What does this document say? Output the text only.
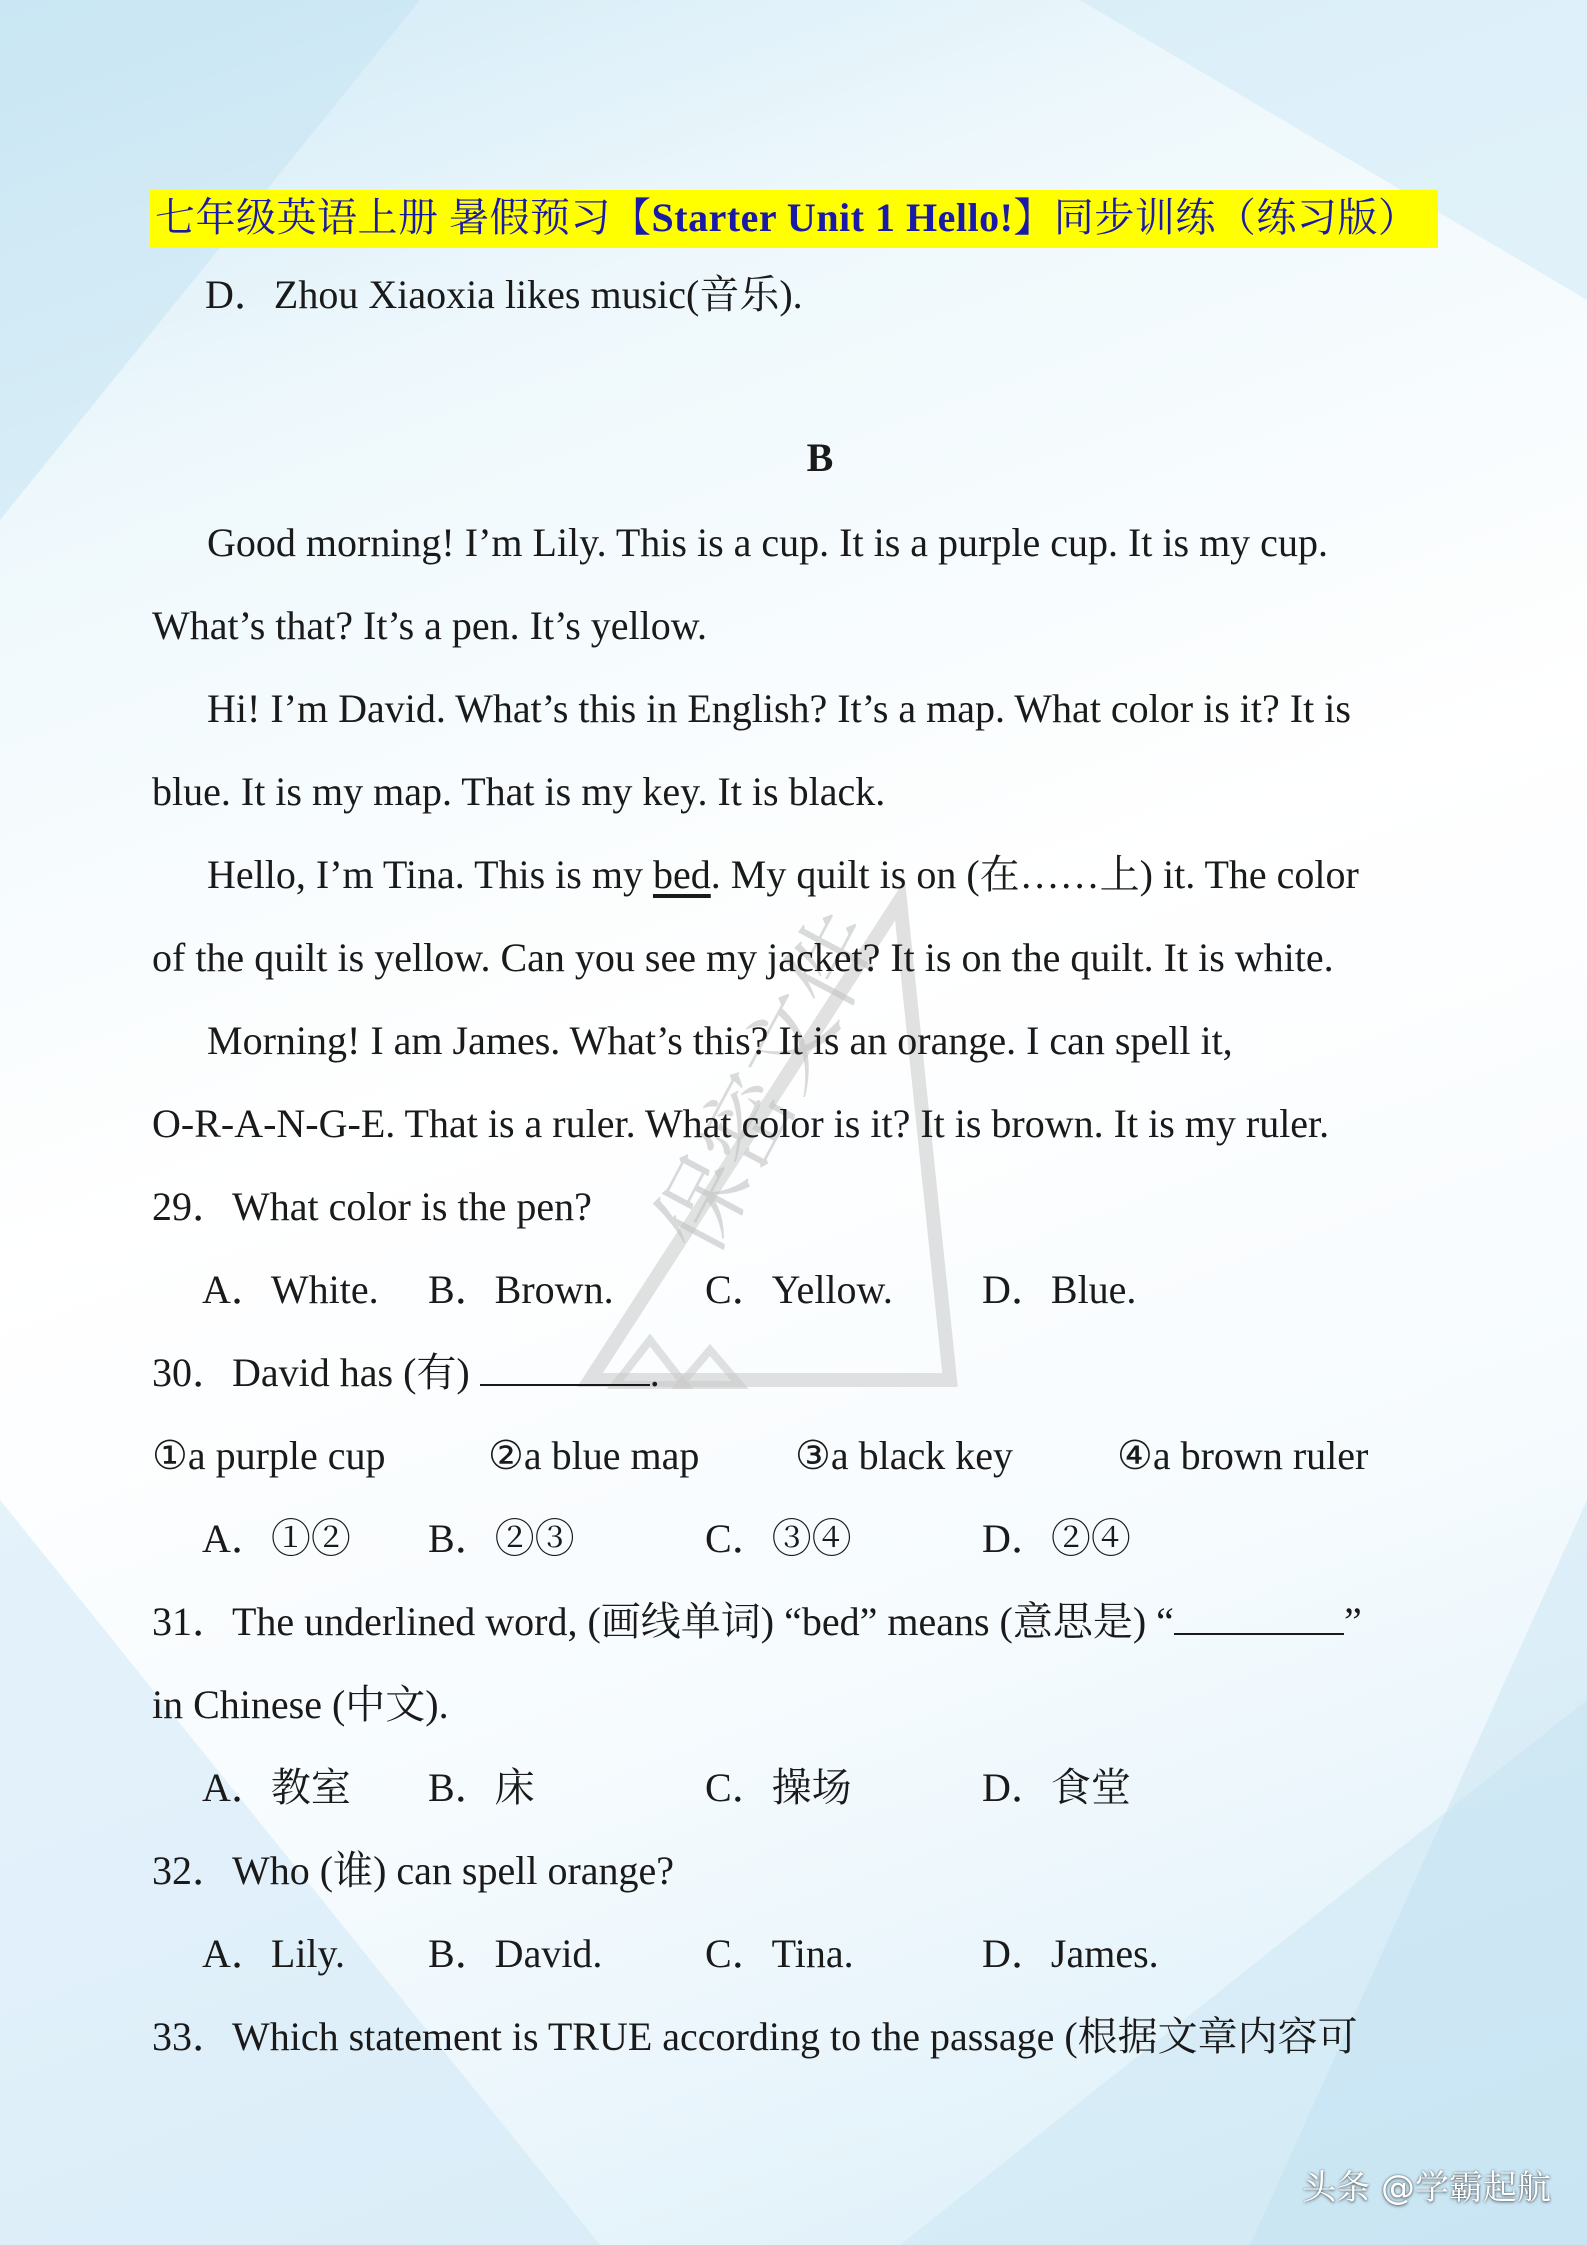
保密文件
七年级英语上册 暑假预习【Starter Unit 1 Hello!】同步训练（练习版）
D．Zhou Xiaoxia likes music(音乐).
B
Good morning! I’m Lily. This is a cup. It is a purple cup. It is my cup.
What’s that? It’s a pen. It’s yellow.
Hi! I’m David. What’s this in English? It’s a map. What color is it? It is
blue. It is my map. That is my key. It is black.
Hello, I’m Tina. This is my bed. My quilt is on (在……上) it. The color
of the quilt is yellow. Can you see my jacket? It is on the quilt. It is white.
Morning! I am James. What’s this? It is an orange. I can spell it,
O-R-A-N-G-E. That is a ruler. What color is it? It is brown. It is my ruler.
29．What color is the pen?
A．White. B．Brown. C．Yellow. D．Blue.
30．David has (有)	.
①a purple cup	②a blue map ③a black key	④a brown ruler
A．①② B．②③	C．③④	D．②④
31．The underlined word, (画线单词) “bed” means (意思是) “	”
in Chinese (中文).
A．教室 B．床	C．操场	D．食堂
32．Who (谁) can spell orange?
A．Lily. B．David.	C．Tina.	D．James.
33．Which statement is TRUE according to the passage (根据文章内容可
头条 @学霸起航
